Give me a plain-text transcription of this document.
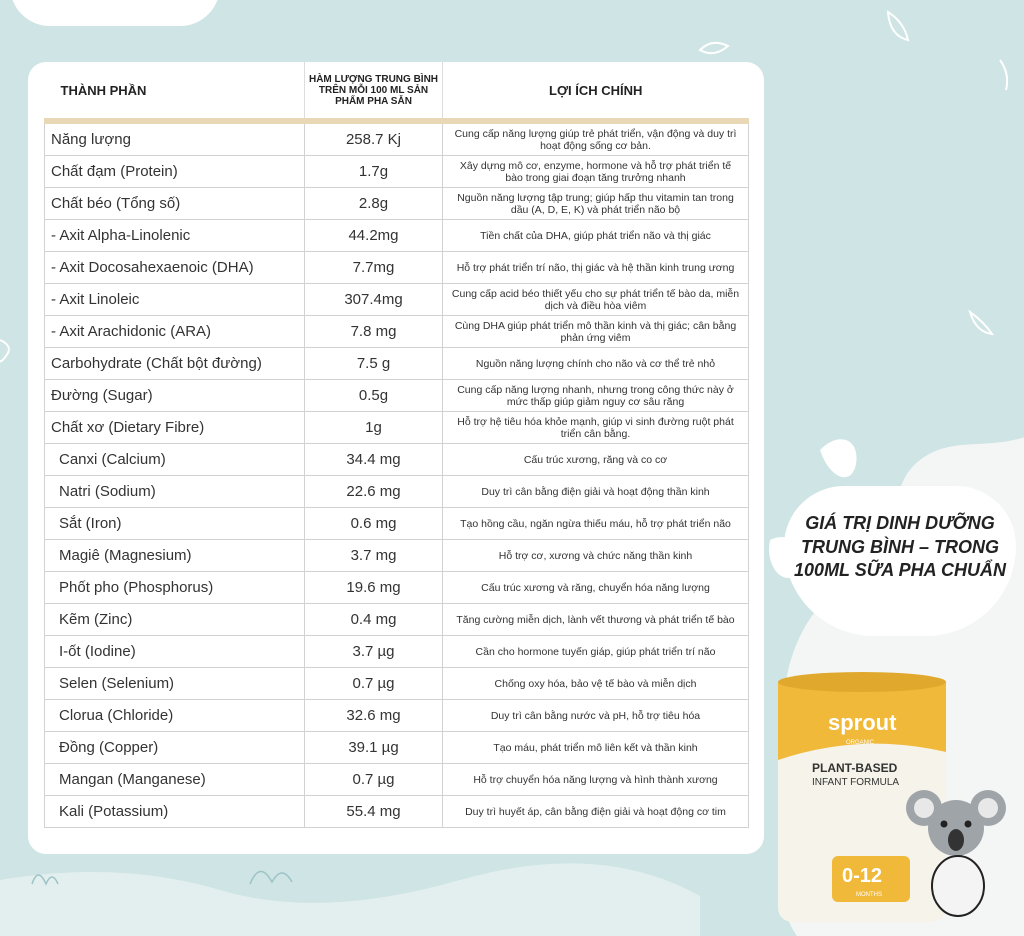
THÀNH PHẦN	HÀM LƯỢNG TRUNG BÌNH TRÊN MỖI 100 ML SẢN PHẨM PHA SẴN	LỢI ÍCH CHÍNH
Năng lượng	258.7 Kj	Cung cấp năng lượng giúp trẻ phát triển, vận động và duy trì hoạt động sống cơ bản.
Chất đạm (Protein)	1.7g	Xây dựng mô cơ, enzyme, hormone và hỗ trợ phát triển tế bào trong giai đoạn tăng trưởng nhanh
Chất béo (Tổng số)	2.8g	Nguồn năng lượng tập trung; giúp hấp thu vitamin tan trong dầu (A, D, E, K) và phát triển não bộ
- Axit Alpha-Linolenic	44.2mg	Tiền chất của DHA, giúp phát triển não và thị giác
- Axit Docosahexaenoic (DHA)	7.7mg	Hỗ trợ phát triển trí não, thị giác và hệ thần kinh trung ương
- Axit Linoleic	307.4mg	Cung cấp acid béo thiết yếu cho sự phát triển tế bào da, miễn dịch và điều hòa viêm
- Axit Arachidonic (ARA)	7.8 mg	Cùng DHA giúp phát triển mô thần kinh và thị giác; cân bằng phản ứng viêm
Carbohydrate (Chất bột đường)	7.5 g	Nguồn năng lượng chính cho não và cơ thể trẻ nhỏ
Đường (Sugar)	0.5g	Cung cấp năng lượng nhanh, nhưng trong công thức này ở mức thấp giúp giảm nguy cơ sâu răng
Chất xơ (Dietary Fibre)	1g	Hỗ trợ hệ tiêu hóa khỏe mạnh, giúp vi sinh đường ruột phát triển cân bằng.
Canxi (Calcium)	34.4 mg	Cấu trúc xương, răng và co cơ
Natri (Sodium)	22.6 mg	Duy trì cân bằng điện giải và hoạt động thần kinh
Sắt (Iron)	0.6 mg	Tạo hồng cầu, ngăn ngừa thiếu máu, hỗ trợ phát triển não
Magiê (Magnesium)	3.7 mg	Hỗ trợ cơ, xương và chức năng thần kinh
Phốt pho (Phosphorus)	19.6 mg	Cấu trúc xương và răng, chuyển hóa năng lượng
Kẽm (Zinc)	0.4 mg	Tăng cường miễn dịch, lành vết thương và phát triển tế bào
I-ốt (Iodine)	3.7 µg	Cần cho hormone tuyến giáp, giúp phát triển trí não
Selen (Selenium)	0.7 µg	Chống oxy hóa, bảo vệ tế bào và miễn dịch
Clorua (Chloride)	32.6 mg	Duy trì cân bằng nước và pH, hỗ trợ tiêu hóa
Đồng (Copper)	39.1 µg	Tạo máu, phát triển mô liên kết và thần kinh
Mangan (Manganese)	0.7 µg	Hỗ trợ chuyển hóa năng lượng và hình thành xương
Kali (Potassium)	55.4 mg	Duy trì huyết áp, cân bằng điện giải và hoạt động cơ tim
GIÁ TRỊ DINH DƯỠNG TRUNG BÌNH – TRONG 100ML SỮA PHA CHUẨN
sprout
ORGANIC
PLANT-BASED
INFANT FORMULA
0-12
MONTHS
